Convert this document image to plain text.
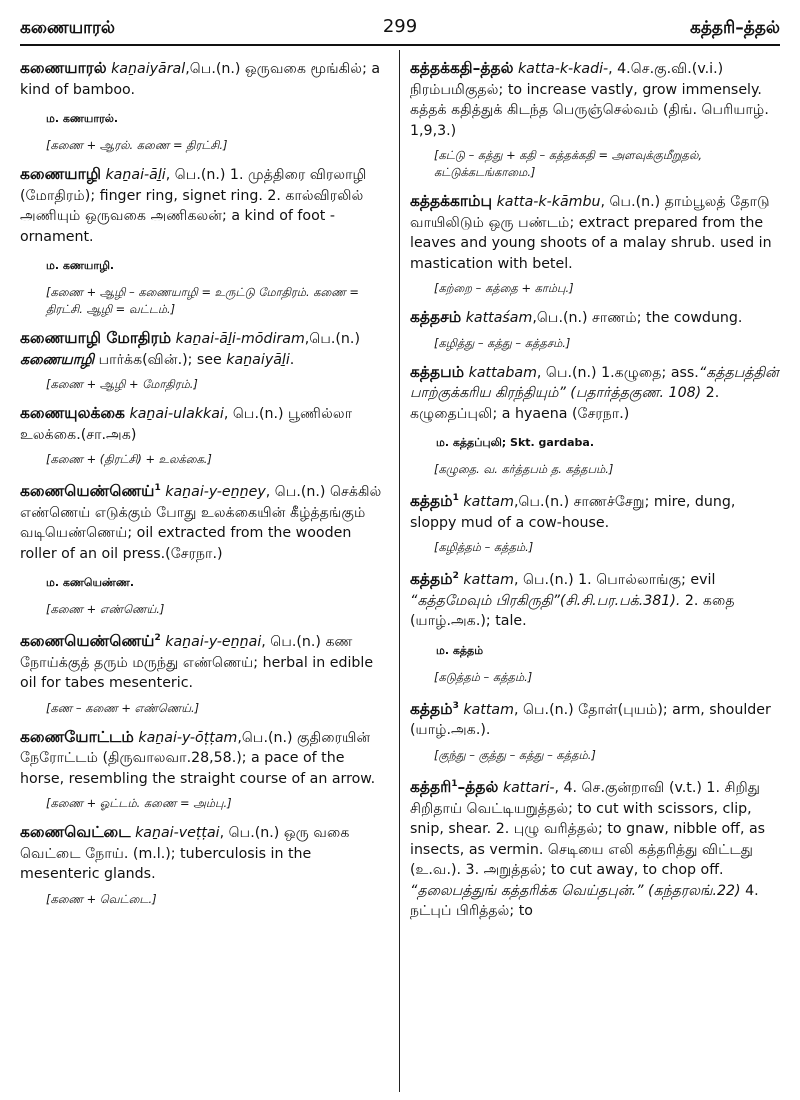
கணையாரல்	299	கத்தரி–த்தல்

கணையாரல் kaṉaiyāral,பெ.(n.) ஒருவகை மூங்கில்; a kind of bamboo.

ம. கணயாரல்.
[கணை + ஆரல். கணை = திரட்சி.]

கணையாழி kaṉai-āḻi, பெ.(n.) 1. முத்திரை விரலாழி (மோதிரம்); finger ring, signet ring. 2. கால்விரலில் அணியும் ஒருவகை அணிகலன்; a kind of foot - ornament.

ம. கணயாழி.
[கணை + ஆழி – கணையாழி = உருட்டு மோதிரம். கணை = திரட்சி. ஆழி = வட்டம்.]

கணையாழி மோதிரம் kaṉai-āḻi-mōdiram,பெ.(n.) கணையாழி பார்க்க(வின்.); see kaṉaiyāḻi.

[கணை + ஆழி + மோதிரம்.]

கணையுலக்கை kaṉai-ulakkai, பெ.(n.) பூணில்லா உலக்கை.(சா.அக)

[கணை + (திரட்சி) + உலக்கை.]

கணையெண்ணெய்$^1$ kaṉai-y-eṉṉey, பெ.(n.) செக்கில் எண்ணெய் எடுக்கும் போது உலக்கையின் கீழ்த்தங்கும் வடியெண்ணெய்; oil extracted from the wooden roller of an oil press.(சேரநா.)

ம. கணயெண்ண.
[கணை + எண்ணெய்.]

கணையெண்ணெய்$^2$ kaṉai-y-eṉṉai, பெ.(n.) கண நோய்க்குத் தரும் மருந்து எண்ணெய்; herbal in edible oil for tabes mesenteric.

[கண – கணை + எண்ணெய்.]

கணையோட்டம் kaṉai-y-ōṭṭam,பெ.(n.) குதிரையின் நேரோட்டம் (திருவாலவா.28,58.); a pace of the horse, resembling the straight course of an arrow.

[கணை + ஓட்டம். கணை = அம்பு.]

கணைவெட்டை kaṉai-veṭṭai, பெ.(n.) ஒரு வகை வெட்டை நோய். (m.l.); tuberculosis in the mesenteric glands.

[கணை + வெட்டை.]

கத்தக்கதி–த்தல் katta-k-kadi-, 4.செ.கு.வி.(v.i.) நிரம்பமிகுதல்; to increase vastly, grow immensely. கத்தக் கதித்துக் கிடந்த பெருஞ்செல்வம் (திங். பெரியாழ். 1,9,3.)

[கட்டு – கத்து + கதி – கத்தக்கதி = அளவுக்குமீறுதல், கட்டுக்கடங்காமை.]

கத்தக்காம்பு katta-k-kāmbu, பெ.(n.) தாம்பூலத் தோடு வாயிலிடும் ஒரு பண்டம்; extract prepared from the leaves and young shoots of a malay shrub. used in mastication with betel.

[கற்றை – கத்தை + காம்பு.]

கத்தசம் kattaśam,பெ.(n.) சாணம்; the cowdung.

[கழித்து – கத்து – கத்தசம்.]

கத்தபம் kattabam, பெ.(n.) 1.கழுதை; ass.“கத்தபத்தின் பாற்குக்கரிய கிரந்தியும்” (பதார்த்தகுண. 108) 2. கழுதைப்புலி; a hyaena (சேரநா.)

ம. கத்தப்புலி; Skt. gardaba.
[கழுதை. வ. கர்த்தபம் த. கத்தபம்.]

கத்தம்$^1$ kattam,பெ.(n.) சாணச்சேறு; mire, dung, sloppy mud of a cow-house.

[கழித்தம் – கத்தம்.]

கத்தம்$^2$ kattam, பெ.(n.) 1. பொல்லாங்கு; evil “கத்தமேவும் பிரகிருதி”(சி.சி.பர.பக்.381). 2. கதை (யாழ்.அக.); tale.

ம. கத்தம்
[கடுத்தம் – கத்தம்.]

கத்தம்$^3$ kattam, பெ.(n.) தோள்(புயம்); arm, shoulder (யாழ்.அக.).

[குந்து – குத்து – கத்து – கத்தம்.]

கத்தரி$^1$–த்தல் kattari-, 4. செ.குன்றாவி (v.t.) 1. சிறிது சிறிதாய் வெட்டியறுத்தல்; to cut with scissors, clip, snip, shear. 2. புழு வரித்தல்; to gnaw, nibble off, as insects, as vermin. செடியை எலி கத்தரித்து விட்டது (உ.வ.). 3. அறுத்தல்; to cut away, to chop off. “தலைபத்துங் கத்தரிக்க வெய்தபுன்.” (கந்தரலங்.22) 4. நட்புப் பிரித்தல்; to
